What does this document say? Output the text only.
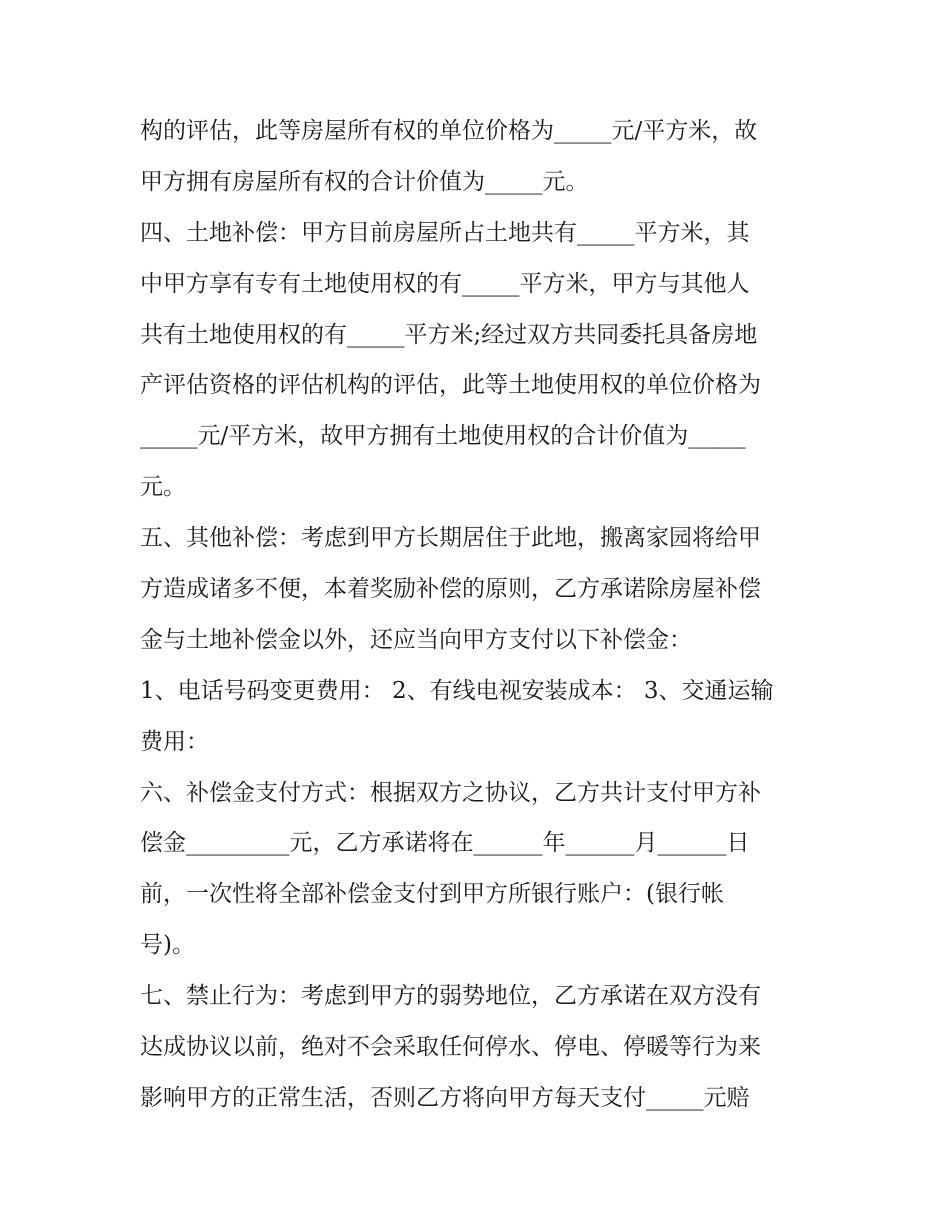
构的评估，此等房屋所有权的单位价格为_____元/平方米，故
甲方拥有房屋所有权的合计价值为_____元。
四、土地补偿：甲方目前房屋所占土地共有_____平方米，其
中甲方享有专有土地使用权的有_____平方米，甲方与其他人
共有土地使用权的有_____平方米;经过双方共同委托具备房地
产评估资格的评估机构的评估，此等土地使用权的单位价格为
_____元/平方米，故甲方拥有土地使用权的合计价值为_____
元。
五、其他补偿：考虑到甲方长期居住于此地，搬离家园将给甲
方造成诸多不便，本着奖励补偿的原则，乙方承诺除房屋补偿
金与土地补偿金以外，还应当向甲方支付以下补偿金：
1、电话号码变更费用： 2、有线电视安装成本： 3、交通运输
费用：
六、补偿金支付方式：根据双方之协议，乙方共计支付甲方补
偿金_________元，乙方承诺将在______年______月______日
前，一次性将全部补偿金支付到甲方所银行账户：(银行帐
号)。
七、禁止行为：考虑到甲方的弱势地位，乙方承诺在双方没有
达成协议以前，绝对不会采取任何停水、停电、停暖等行为来
影响甲方的正常生活，否则乙方将向甲方每天支付_____元赔
